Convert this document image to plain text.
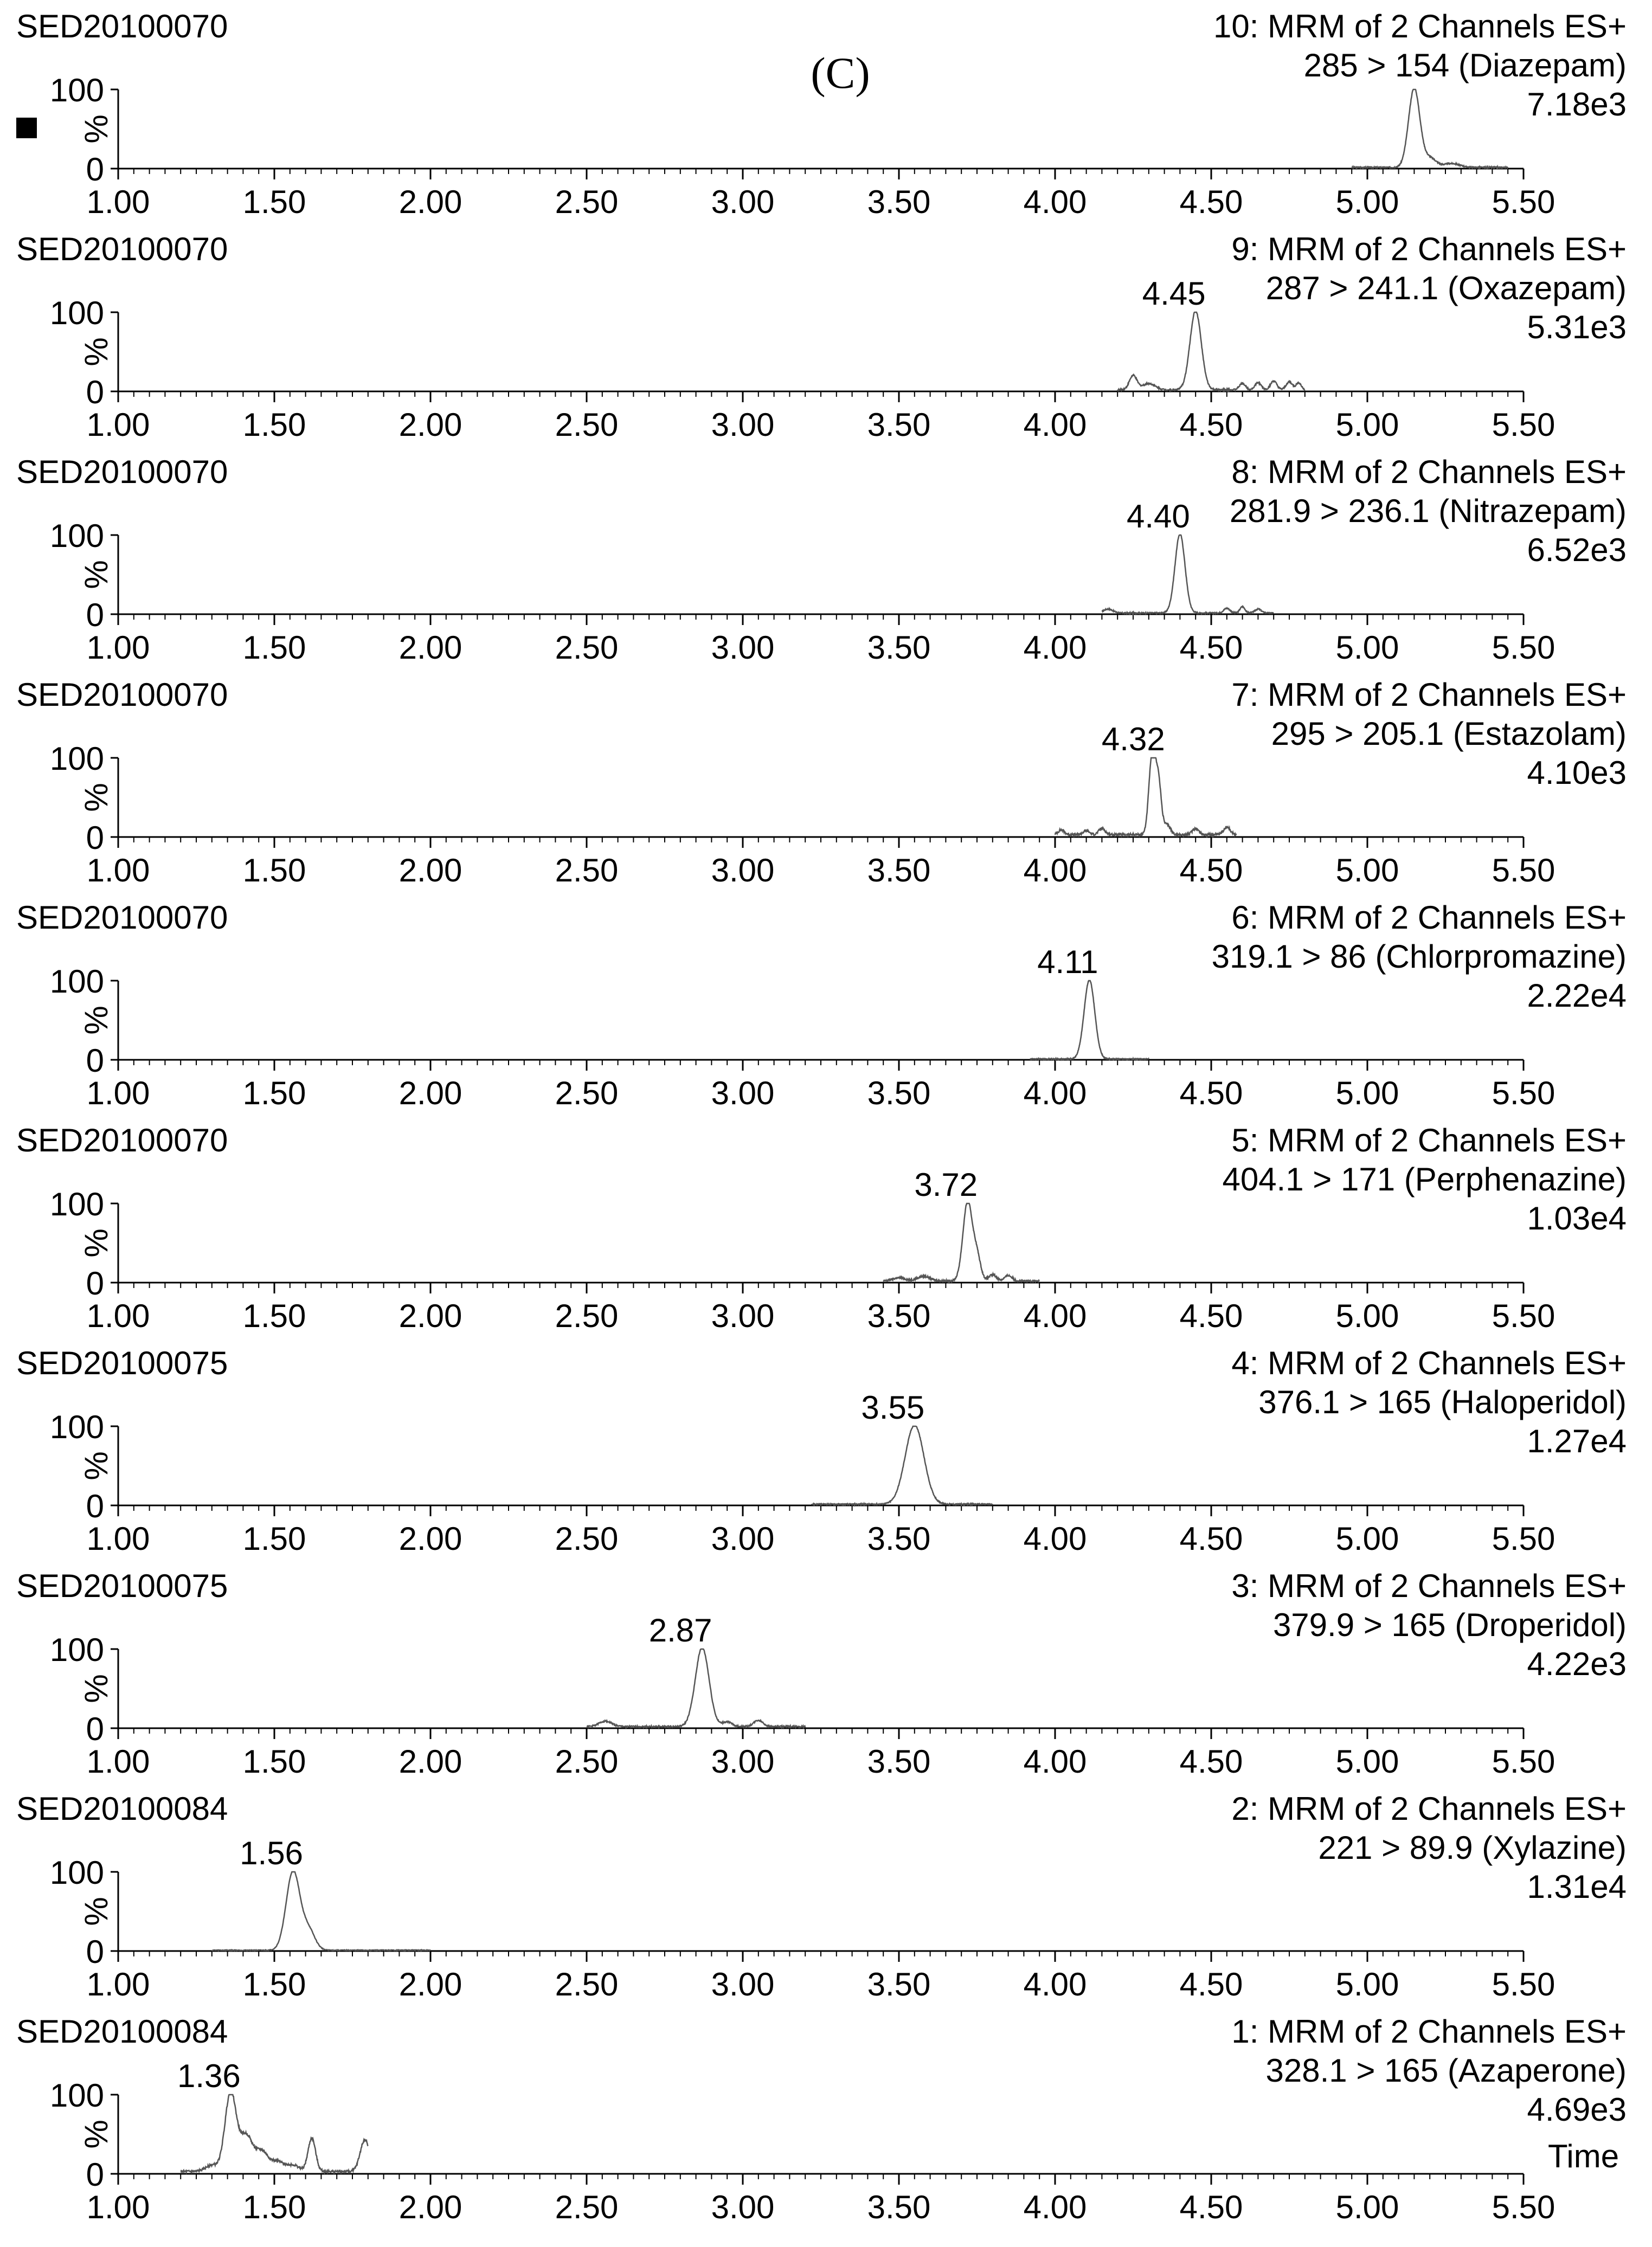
(C)
SED20100070	10: MRM of 2 Channels ES+
285 > 154 (Diazepam)
7.18e3
100
0
%
1.00	1.50	2.00	2.50	3.00	3.50	4.00	4.50	5.00	5.50
SED20100070	9: MRM of 2 Channels ES+
287 > 241.1 (Oxazepam)
5.31e3
100
0
%
1.00	1.50	2.00	2.50	3.00	3.50	4.00	4.50	5.00	5.50
4.45
SED20100070	8: MRM of 2 Channels ES+
281.9 > 236.1 (Nitrazepam)
6.52e3
100
0
%
1.00	1.50	2.00	2.50	3.00	3.50	4.00	4.50	5.00	5.50
4.40
SED20100070	7: MRM of 2 Channels ES+
295 > 205.1 (Estazolam)
4.10e3
100
0
%
1.00	1.50	2.00	2.50	3.00	3.50	4.00	4.50	5.00	5.50
4.32
SED20100070	6: MRM of 2 Channels ES+
319.1 > 86 (Chlorpromazine)
2.22e4
100
0
%
1.00	1.50	2.00	2.50	3.00	3.50	4.00	4.50	5.00	5.50
4.11
SED20100070	5: MRM of 2 Channels ES+
404.1 > 171 (Perphenazine)
1.03e4
100
0
%
1.00	1.50	2.00	2.50	3.00	3.50	4.00	4.50	5.00	5.50
3.72
SED20100075	4: MRM of 2 Channels ES+
376.1 > 165 (Haloperidol)
1.27e4
100
0
%
1.00	1.50	2.00	2.50	3.00	3.50	4.00	4.50	5.00	5.50
3.55
SED20100075	3: MRM of 2 Channels ES+
379.9 > 165 (Droperidol)
4.22e3
100
0
%
1.00	1.50	2.00	2.50	3.00	3.50	4.00	4.50	5.00	5.50
2.87
SED20100084	2: MRM of 2 Channels ES+
221 > 89.9 (Xylazine)
1.31e4
100
0
%
1.00	1.50	2.00	2.50	3.00	3.50	4.00	4.50	5.00	5.50
1.56
SED20100084	1: MRM of 2 Channels ES+
328.1 > 165 (Azaperone)
4.69e3
100
0
%
1.00	1.50	2.00	2.50	3.00	3.50	4.00	4.50	5.00	5.50
1.36
Time
